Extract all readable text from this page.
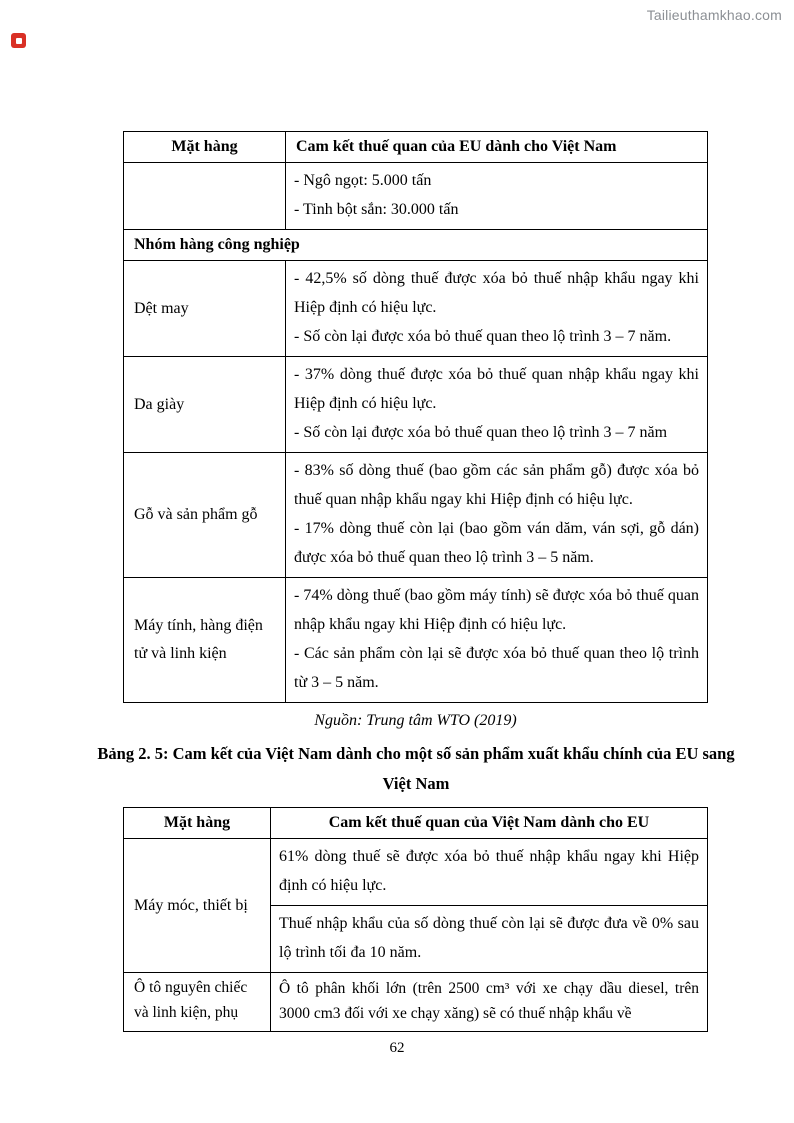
Tailieuthamkhao.com
Mặt hàng	Cam kết thuế quan của EU dành cho Việt Nam

	- Ngô ngọt: 5.000 tấn
- Tinh bột sắn: 30.000 tấn

Nhóm hàng công nghiệp	
Dệt may	- 42,5% số dòng thuế được xóa bỏ thuế nhập khẩu ngay khi Hiệp định có hiệu lực.
- Số còn lại được xóa bỏ thuế quan theo lộ trình 3 – 7 năm.

Da giày	- 37% dòng thuế được xóa bỏ thuế quan nhập khẩu ngay khi Hiệp định có hiệu lực.
- Số còn lại được xóa bỏ thuế quan theo lộ trình 3 – 7 năm

Gỗ và sản phẩm gỗ	- 83% số dòng thuế (bao gồm các sản phẩm gỗ) được xóa bỏ thuế quan nhập khẩu ngay khi Hiệp định có hiệu lực.
- 17% dòng thuế còn lại (bao gồm ván dăm, ván sợi, gỗ dán) được xóa bỏ thuế quan theo lộ trình 3 – 5 năm.

Máy tính, hàng điện tử và linh kiện	- 74% dòng thuế (bao gồm máy tính) sẽ được xóa bỏ thuế quan nhập khẩu ngay khi Hiệp định có hiệu lực.
- Các sản phẩm còn lại sẽ được xóa bỏ thuế quan theo lộ trình từ 3 – 5 năm.
Nguồn: Trung tâm WTO (2019)
Bảng 2. 5: Cam kết của Việt Nam dành cho một số sản phẩm xuất khẩu chính của EU sang Việt Nam
Mặt hàng	Cam kết thuế quan của Việt Nam dành cho EU
Máy móc, thiết bị	61% dòng thuế sẽ được xóa bỏ thuế nhập khẩu ngay khi Hiệp định có hiệu lực.
	Thuế nhập khẩu của số dòng thuế còn lại sẽ được đưa về 0% sau lộ trình tối đa 10 năm.
Ô tô nguyên chiếc và linh kiện, phụ	Ô tô phân khối lớn (trên 2500 cm³ với xe chạy dầu diesel, trên 3000 cm3 đối với xe chạy xăng) sẽ có thuế nhập khẩu về
62
